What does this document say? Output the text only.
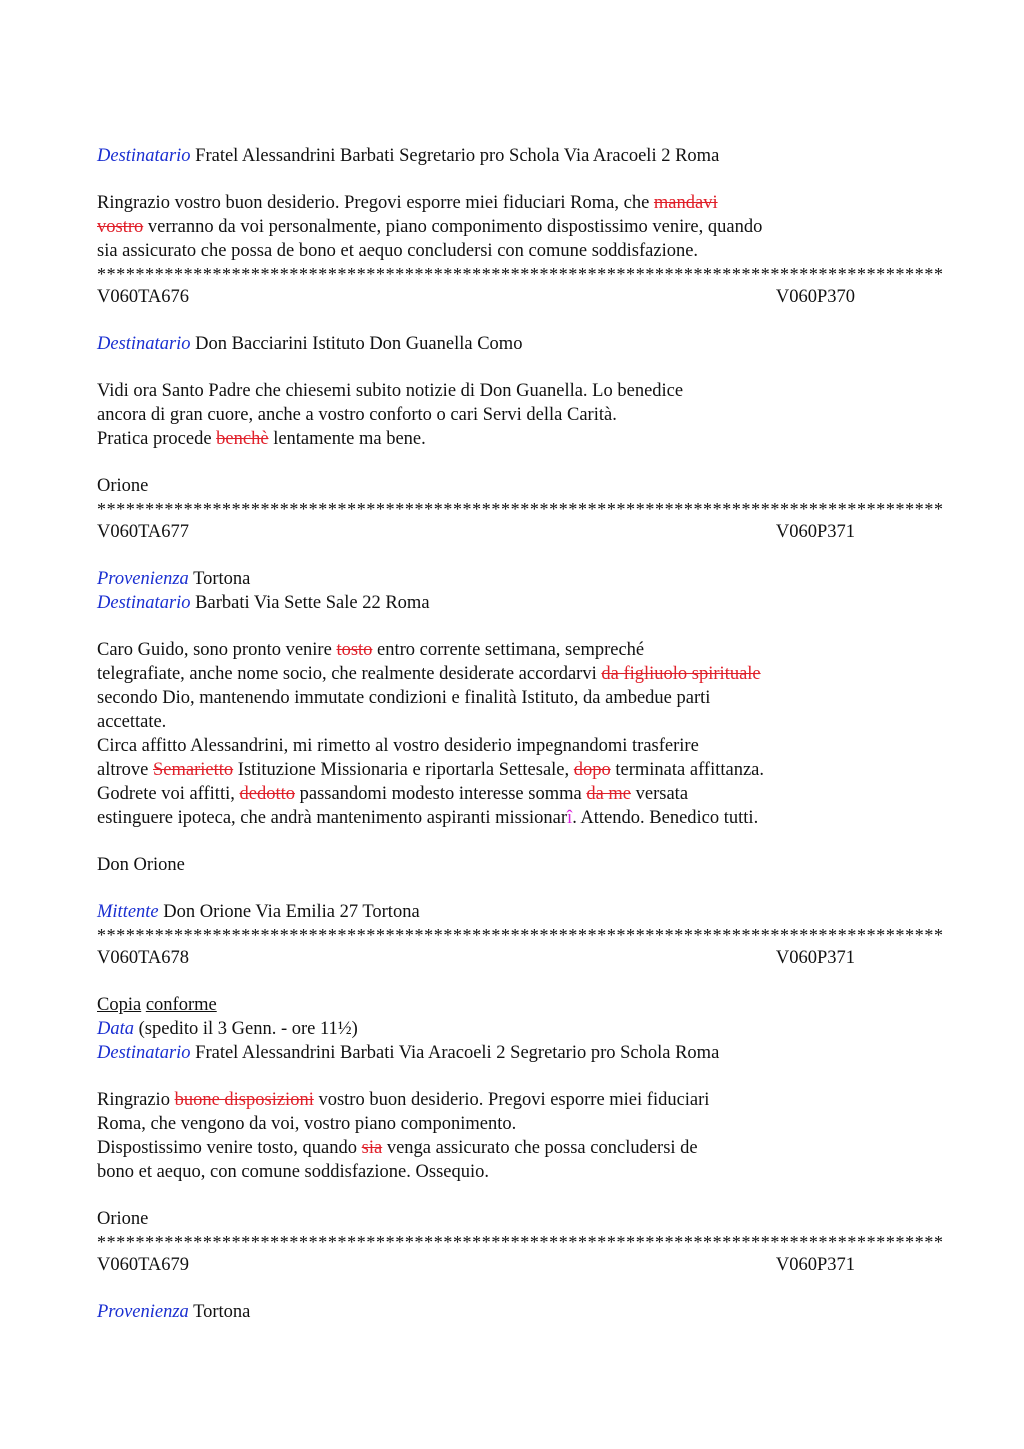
Destinatario Fratel Alessandrini Barbati Segretario pro Schola Via Aracoeli 2 Roma
Ringrazio vostro buon desiderio. Pregovi esporre miei fiduciari Roma, che mandavi
vostro verranno da voi personalmente, piano componimento dispostissimo venire, quando
sia assicurato che possa de bono et aequo concludersi con comune soddisfazione.
****************************************************************************************
V060TA676	V060P370
Destinatario Don Bacciarini Istituto Don Guanella Como
Vidi ora Santo Padre che chiesemi subito notizie di Don Guanella. Lo benedice
ancora di gran cuore, anche a vostro conforto o cari Servi della Carità.
Pratica procede benchè lentamente ma bene.
Orione
****************************************************************************************
V060TA677	V060P371
Provenienza Tortona
Destinatario Barbati Via Sette Sale 22 Roma
Caro Guido, sono pronto venire tosto entro corrente settimana, sempreché
telegrafiate, anche nome socio, che realmente desiderate accordarvi da figliuolo spirituale
secondo Dio, mantenendo immutate condizioni e finalità Istituto, da ambedue parti
accettate.
Circa affitto Alessandrini, mi rimetto al vostro desiderio impegnandomi trasferire
altrove Semarietto Istituzione Missionaria e riportarla Settesale, dopo terminata affittanza.
Godrete voi affitti, dedotto passandomi modesto interesse somma da me versata
estinguere ipoteca, che andrà mantenimento aspiranti missionarî. Attendo. Benedico tutti.
Don Orione
Mittente Don Orione Via Emilia 27 Tortona
****************************************************************************************
V060TA678	V060P371
Copia conforme
Data (spedito il 3 Genn. - ore 11½)
Destinatario Fratel Alessandrini Barbati Via Aracoeli 2 Segretario pro Schola Roma
Ringrazio buone disposizioni vostro buon desiderio. Pregovi esporre miei fiduciari
Roma, che vengono da voi, vostro piano componimento.
Dispostissimo venire tosto, quando sia venga assicurato che possa concludersi de
bono et aequo, con comune soddisfazione. Ossequio.
Orione
****************************************************************************************
V060TA679	V060P371
Provenienza Tortona
